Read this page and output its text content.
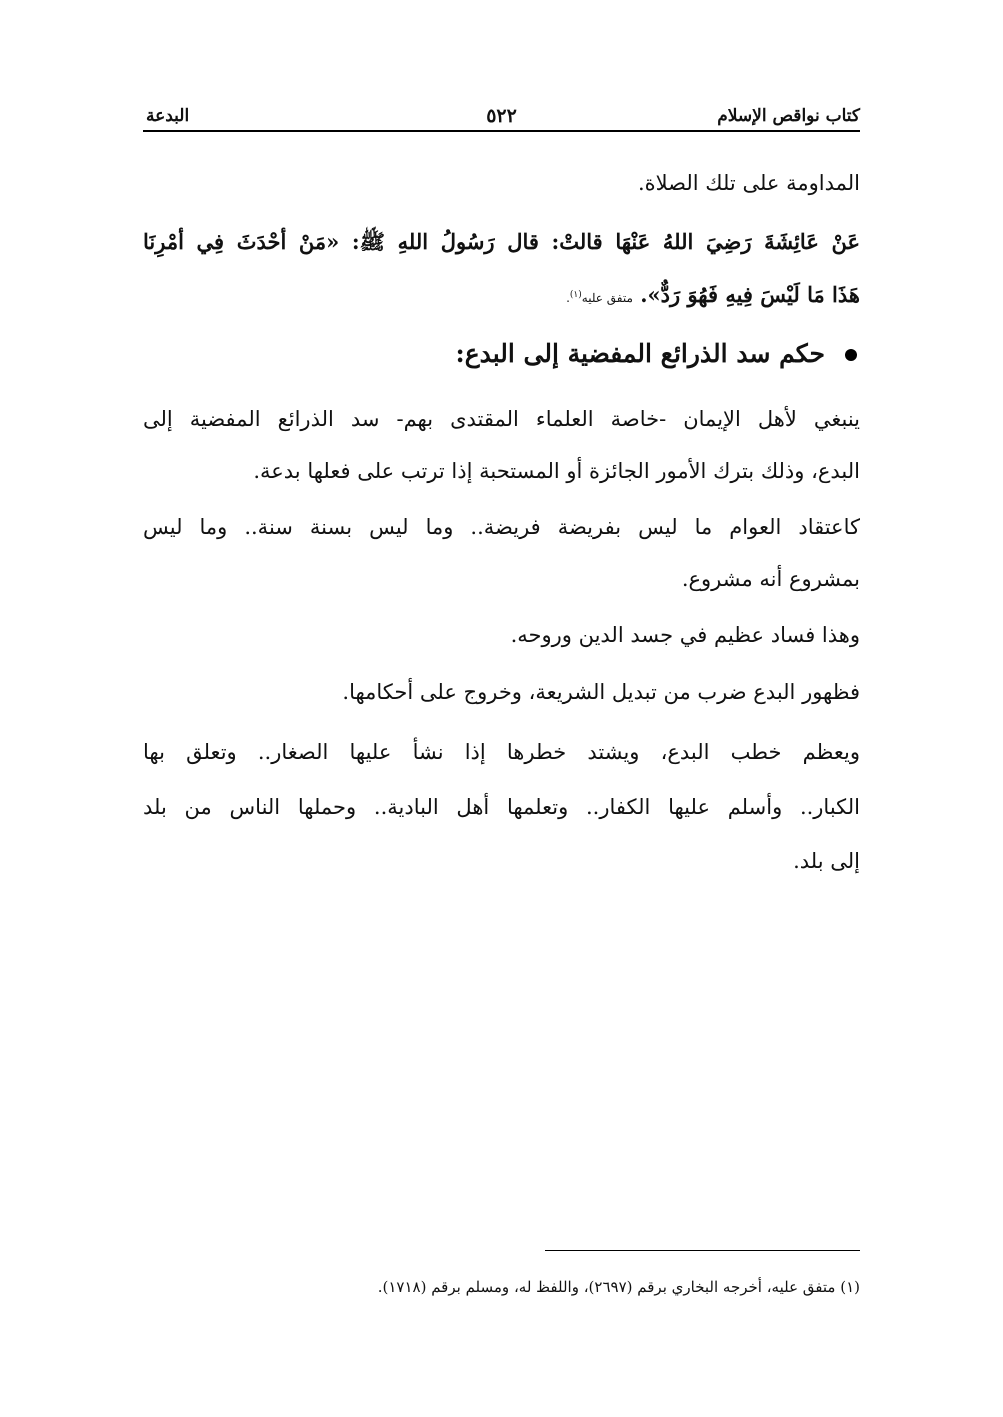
كتاب نواقص الإسلام
٥٢٢
البدعة
المداومة على تلك الصلاة.
عَنْ عَائِشَةَ رَضِيَ اللهُ عَنْهَا قالتْ: قال رَسُولُ اللهِ ﷺ: «مَنْ أحْدَثَ فِي أمْرِنَا
هَذَا مَا لَيْسَ فِيهِ فَهُوَ رَدٌّ». متفق عليه$^{(١)}$.
حكم سد الذرائع المفضية إلى البدع:
ينبغي لأهل الإيمان -خاصة العلماء المقتدى بهم- سد الذرائع المفضية إلى
البدع، وذلك بترك الأمور الجائزة أو المستحبة إذا ترتب على فعلها بدعة.
كاعتقاد العوام ما ليس بفريضة فريضة.. وما ليس بسنة سنة.. وما ليس
بمشروع أنه مشروع.
وهذا فساد عظيم في جسد الدين وروحه.
فظهور البدع ضرب من تبديل الشريعة، وخروج على أحكامها.
ويعظم خطب البدع، ويشتد خطرها إذا نشأ عليها الصغار.. وتعلق بها
الكبار.. وأسلم عليها الكفار.. وتعلمها أهل البادية.. وحملها الناس من بلد
إلى بلد.
(١) متفق عليه، أخرجه البخاري برقم (٢٦٩٧)، واللفظ له، ومسلم برقم (١٧١٨).
